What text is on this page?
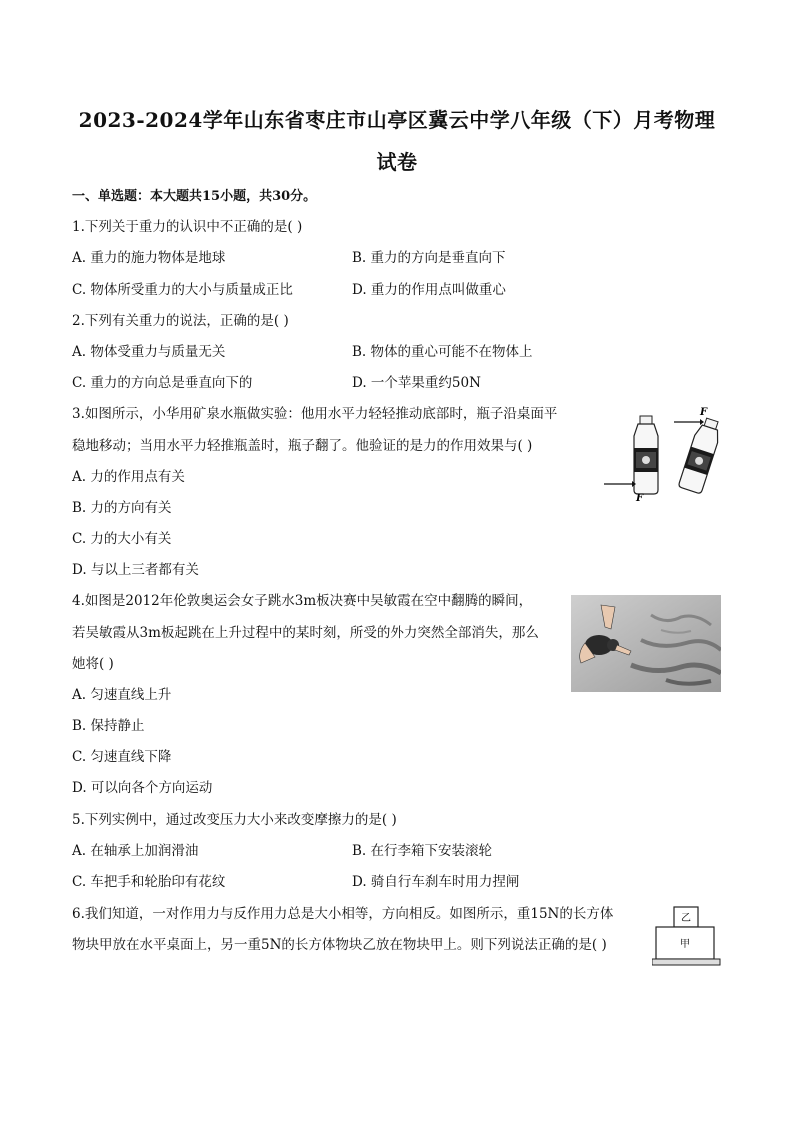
2023-2024学年山东省枣庄市山亭区冀云中学八年级（下）月考物理
试卷
一、单选题：本大题共15小题，共30分。
1.下列关于重力的认识中不正确的是( )
A. 重力的施力物体是地球	B. 重力的方向是垂直向下
C. 物体所受重力的大小与质量成正比	D. 重力的作用点叫做重心
2.下列有关重力的说法，正确的是( )
A. 物体受重力与质量无关	B. 物体的重心可能不在物体上
C. 重力的方向总是垂直向下的	D. 一个苹果重约50N
3.如图所示，小华用矿泉水瓶做实验：他用水平力轻轻推动底部时，瓶子沿桌面平
稳地移动；当用水平力轻推瓶盖时，瓶子翻了。他验证的是力的作用效果与( )
A. 力的作用点有关
B. 力的方向有关
C. 力的大小有关
D. 与以上三者都有关
F
F
4.如图是2012年伦敦奥运会女子跳水3m板决赛中吴敏霞在空中翻腾的瞬间，
若吴敏霞从3m板起跳在上升过程中的某时刻，所受的外力突然全部消失，那么
她将( )
A. 匀速直线上升
B. 保持静止
C. 匀速直线下降
D. 可以向各个方向运动
5.下列实例中，通过改变压力大小来改变摩擦力的是( )
A. 在轴承上加润滑油	B. 在行李箱下安装滚轮
C. 车把手和轮胎印有花纹	D. 骑自行车刹车时用力捏闸
6.我们知道，一对作用力与反作用力总是大小相等，方向相反。如图所示，重15N的长方体
物块甲放在水平桌面上，另一重5N的长方体物块乙放在物块甲上。则下列说法正确的是( )
乙
甲
